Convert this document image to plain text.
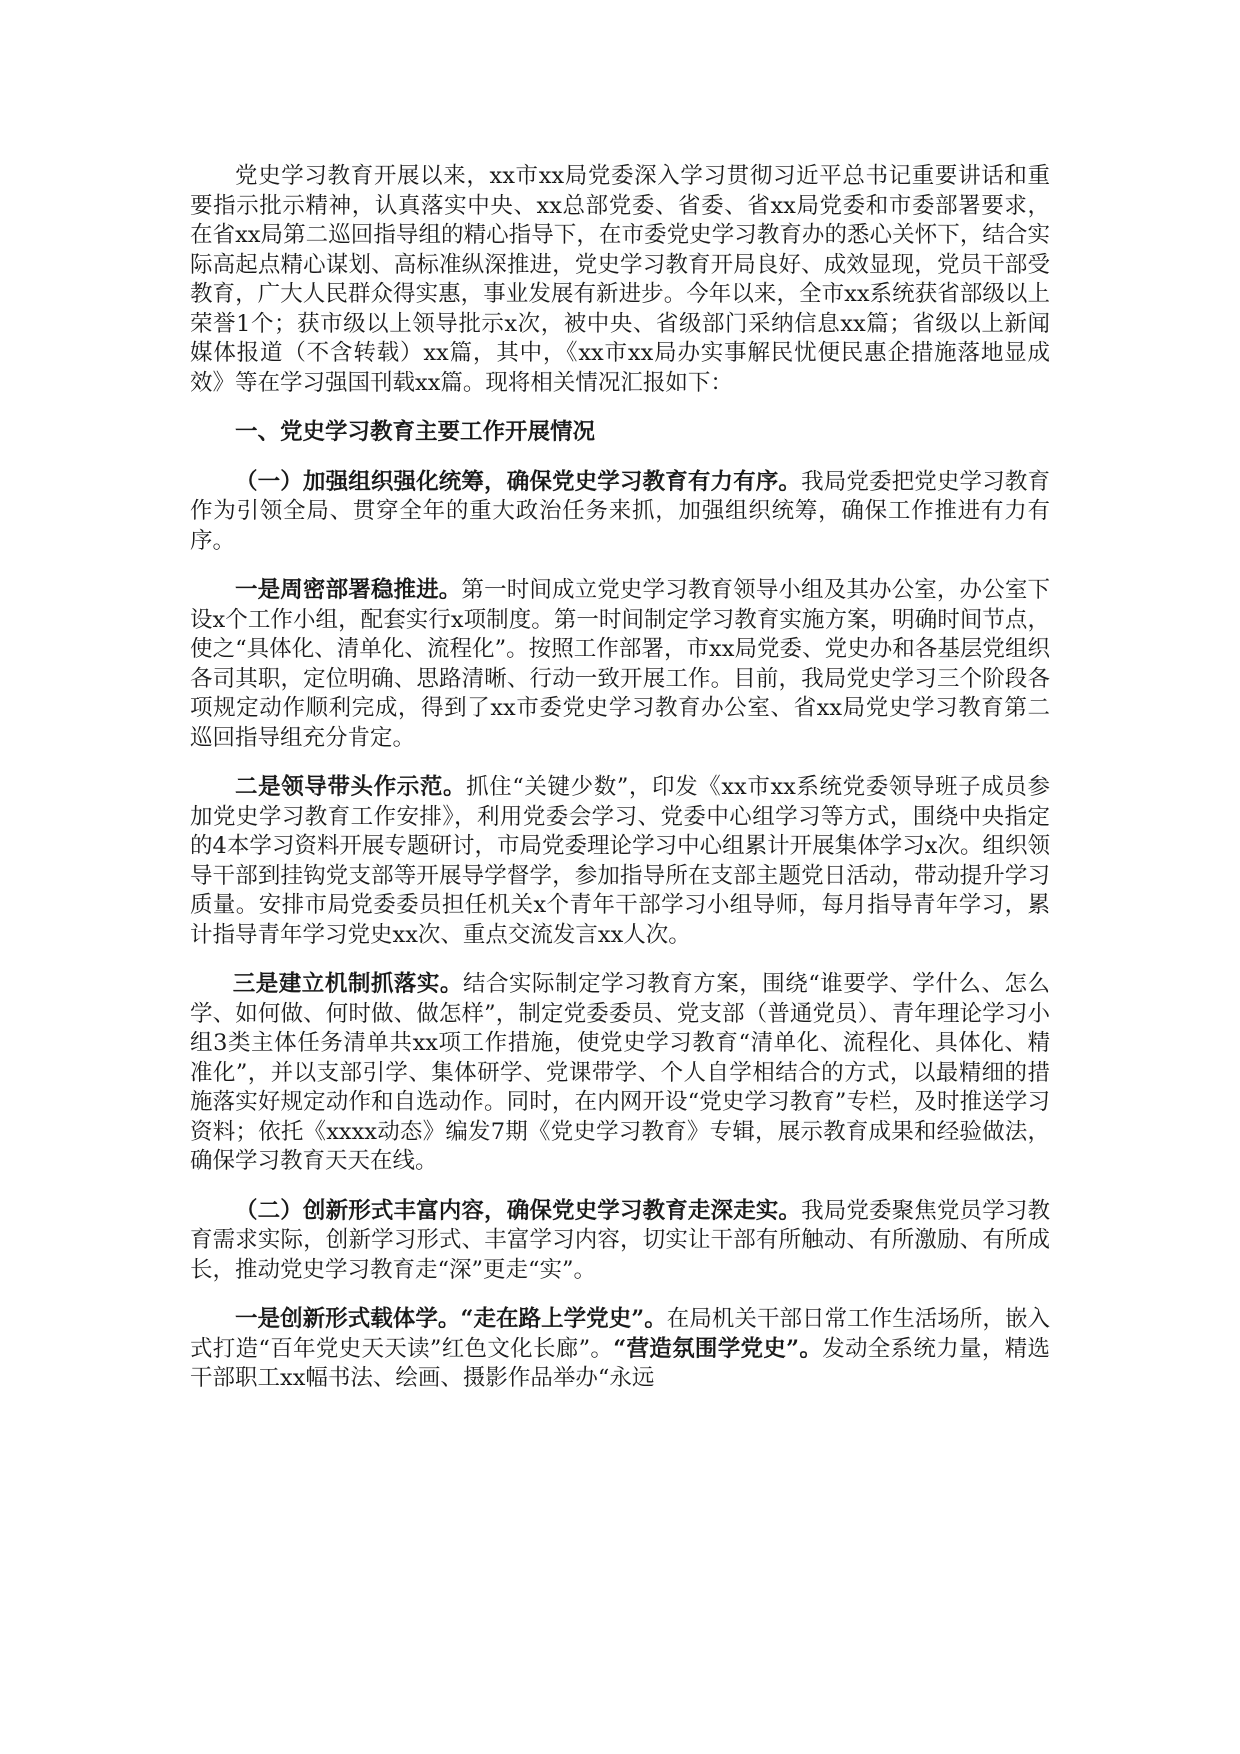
党史学习教育开展以来，xx市xx局党委深入学习贯彻习近平总书记重要讲话和重要指示批示精神，认真落实中央、xx总部党委、省委、省xx局党委和市委部署要求，在省xx局第二巡回指导组的精心指导下，在市委党史学习教育办的悉心关怀下，结合实际高起点精心谋划、高标准纵深推进，党史学习教育开局良好、成效显现，党员干部受教育，广大人民群众得实惠，事业发展有新进步。今年以来，全市xx系统获省部级以上荣誉1个；获市级以上领导批示x次，被中央、省级部门采纳信息xx篇；省级以上新闻媒体报道（不含转载）xx篇，其中，《xx市xx局办实事解民忧便民惠企措施落地显成效》等在学习强国刊载xx篇。现将相关情况汇报如下：

一、党史学习教育主要工作开展情况

（一）加强组织强化统筹，确保党史学习教育有力有序。我局党委把党史学习教育作为引领全局、贯穿全年的重大政治任务来抓，加强组织统筹，确保工作推进有力有序。

一是周密部署稳推进。第一时间成立党史学习教育领导小组及其办公室，办公室下设x个工作小组，配套实行x项制度。第一时间制定学习教育实施方案，明确时间节点，使之“具体化、清单化、流程化”。按照工作部署，市xx局党委、党史办和各基层党组织各司其职，定位明确、思路清晰、行动一致开展工作。目前，我局党史学习三个阶段各项规定动作顺利完成，得到了xx市委党史学习教育办公室、省xx局党史学习教育第二巡回指导组充分肯定。

二是领导带头作示范。抓住“关键少数”，印发《xx市xx系统党委领导班子成员参加党史学习教育工作安排》，利用党委会学习、党委中心组学习等方式，围绕中央指定的4本学习资料开展专题研讨，市局党委理论学习中心组累计开展集体学习x次。组织领导干部到挂钩党支部等开展导学督学，参加指导所在支部主题党日活动，带动提升学习质量。安排市局党委委员担任机关x个青年干部学习小组导师，每月指导青年学习，累计指导青年学习党史xx次、重点交流发言xx人次。

三是建立机制抓落实。结合实际制定学习教育方案，围绕“谁要学、学什么、怎么学、如何做、何时做、做怎样”，制定党委委员、党支部（普通党员）、青年理论学习小组3类主体任务清单共xx项工作措施，使党史学习教育“清单化、流程化、具体化、精准化”，并以支部引学、集体研学、党课带学、个人自学相结合的方式，以最精细的措施落实好规定动作和自选动作。同时，在内网开设“党史学习教育”专栏，及时推送学习资料；依托《xxxx动态》编发7期《党史学习教育》专辑，展示教育成果和经验做法，确保学习教育天天在线。

（二）创新形式丰富内容，确保党史学习教育走深走实。我局党委聚焦党员学习教育需求实际，创新学习形式、丰富学习内容，切实让干部有所触动、有所激励、有所成长，推动党史学习教育走“深”更走“实”。

一是创新形式载体学。“走在路上学党史”。在局机关干部日常工作生活场所，嵌入式打造“百年党史天天读”红色文化长廊”。“营造氛围学党史”。发动全系统力量，精选干部职工xx幅书法、绘画、摄影作品举办“永远
